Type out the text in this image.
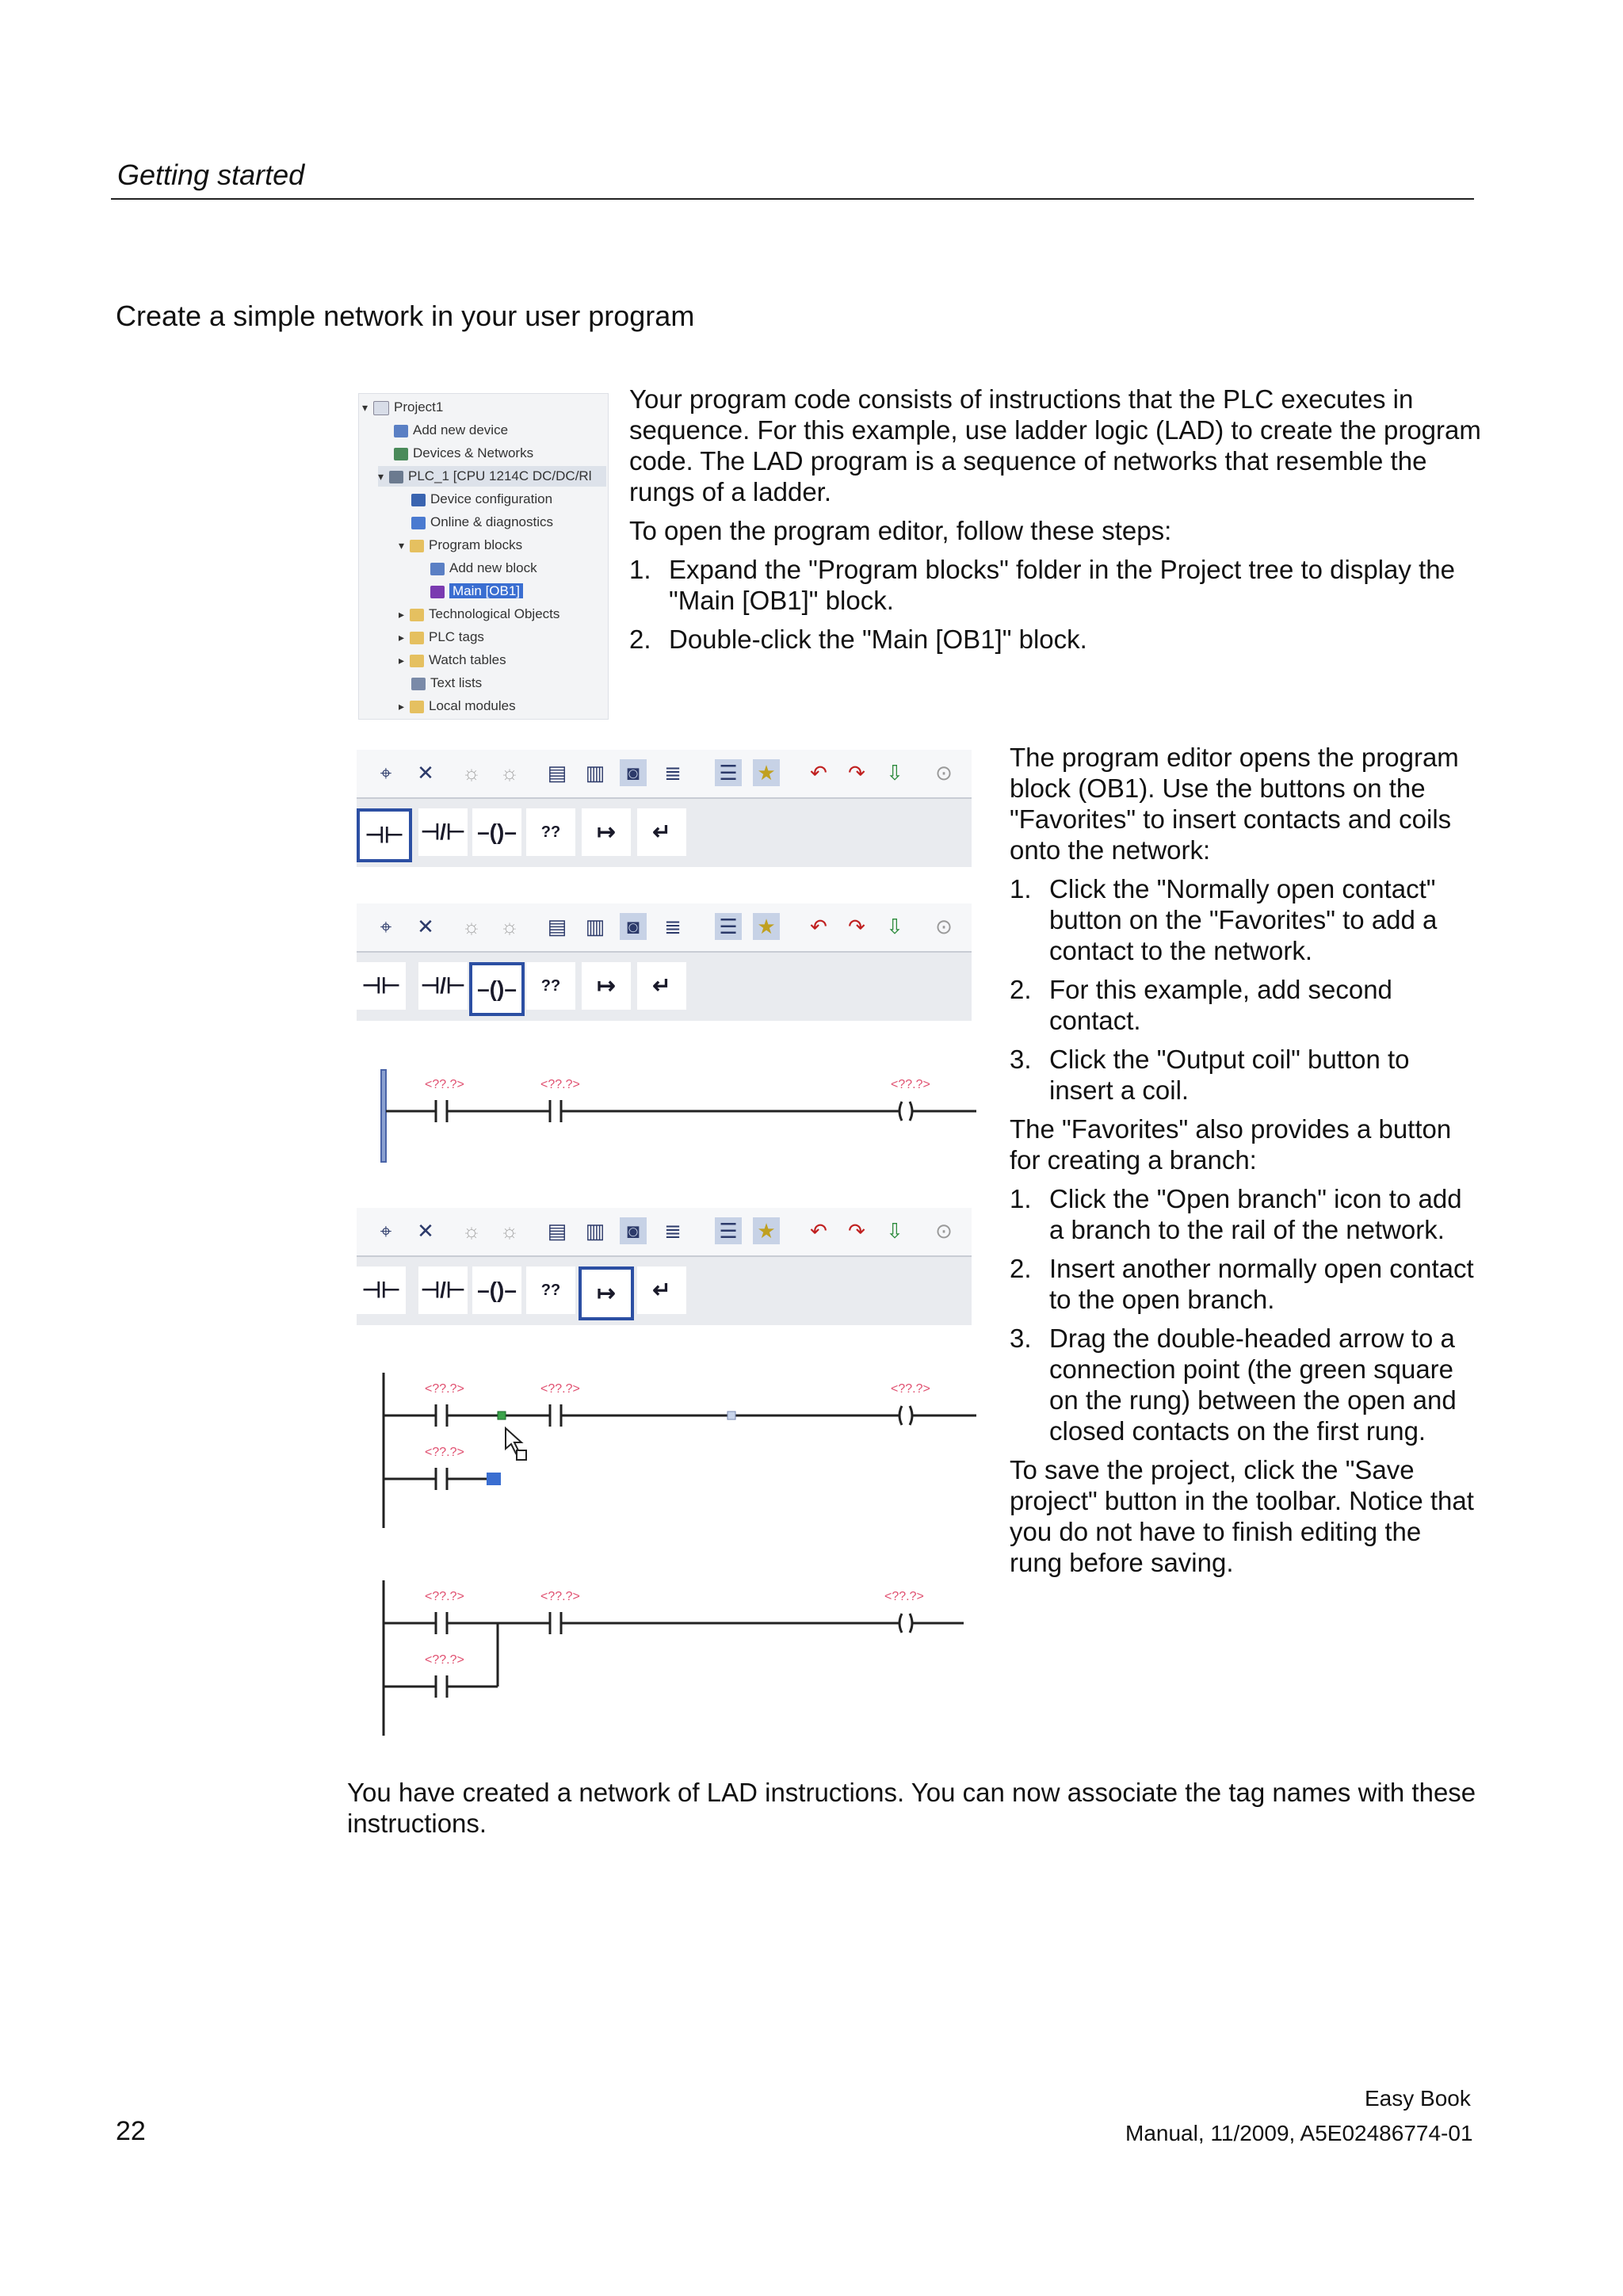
Getting started
Create a simple network in your user program
▾ Project1
Add new device
Devices & Networks
▾ PLC_1 [CPU 1214C DC/DC/Rl
Device configuration
Online & diagnostics
▾ Program blocks
Add new block
Main [OB1]
▸ Technological Objects
▸ PLC tags
▸ Watch tables
Text lists
▸ Local modules

Your program code consists of instructions that the PLC executes in sequence. For this example, use ladder logic (LAD) to create the program code. The LAD program is a sequence of networks that resemble the rungs of a ladder.

To open the program editor, follow these steps:

1. Expand the "Program blocks" folder in the Project tree to display the "Main [OB1]" block.
2. Double-click the "Main [OB1]" block.
⌖	✕ ☼ ☼ ▤ ▥	◙	≣ ☰ ★ ↶ ↷ ⇩ ⊙
⊣⊢ ⊣/⊢ –()–	??	↦	↵
⌖	✕ ☼ ☼ ▤ ▥	◙	≣ ☰ ★ ↶ ↷ ⇩ ⊙
⊣⊢ ⊣/⊢ –()–	??	↦	↵
<??.?>	<??.?>	<??.?>
⌖	✕ ☼ ☼ ▤ ▥	◙	≣ ☰ ★ ↶ ↷ ⇩ ⊙
⊣⊢ ⊣/⊢ –()–	??	↦	↵
<??.?>	<??.?>	<??.?>
<??.?>
<??.?>	<??.?>	<??.?>
<??.?>

The program editor opens the program block (OB1). Use the buttons on the "Favorites" to insert contacts and coils onto the network:

1. Click the "Normally open contact" button on the "Favorites" to add a contact to the network.
2. For this example, add second contact.
3. Click the "Output coil" button to insert a coil.

The "Favorites" also provides a button for creating a branch:

1. Click the "Open branch" icon to add a branch to the rail of the network.
2. Insert another normally open contact to the open branch.
3. Drag the double-headed arrow to a connection point (the green square on the rung) between the open and closed contacts on the first rung.

To save the project, click the "Save project" button in the toolbar. Notice that you do not have to finish editing the rung before saving.

You have created a network of LAD instructions. You can now associate the tag names with these instructions.
Easy Book
Manual, 11/2009, A5E02486774-01
22
